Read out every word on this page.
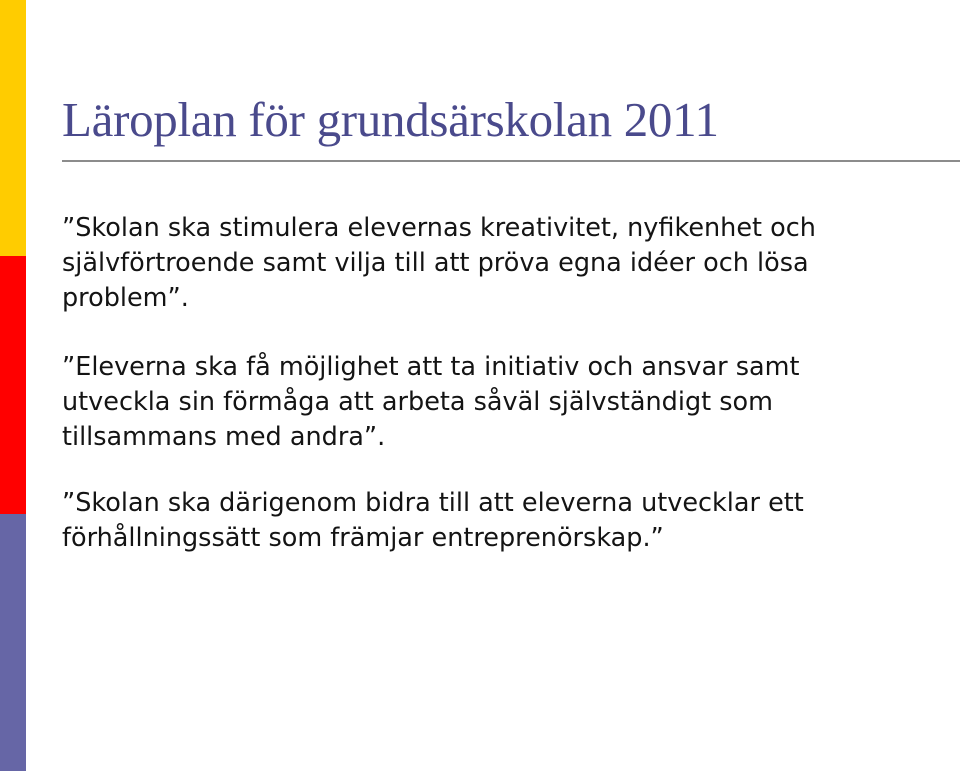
Läroplan för grundsärskolan 2011

”Skolan ska stimulera elevernas kreativitet, nyfikenhet och
självförtroende samt vilja till att pröva egna idéer och lösa
problem”.

”Eleverna ska få möjlighet att ta initiativ och ansvar samt
utveckla sin förmåga att arbeta såväl självständigt som
tillsammans med andra”.

”Skolan ska därigenom bidra till att eleverna utvecklar ett
förhållningssätt som främjar entreprenörskap.”
